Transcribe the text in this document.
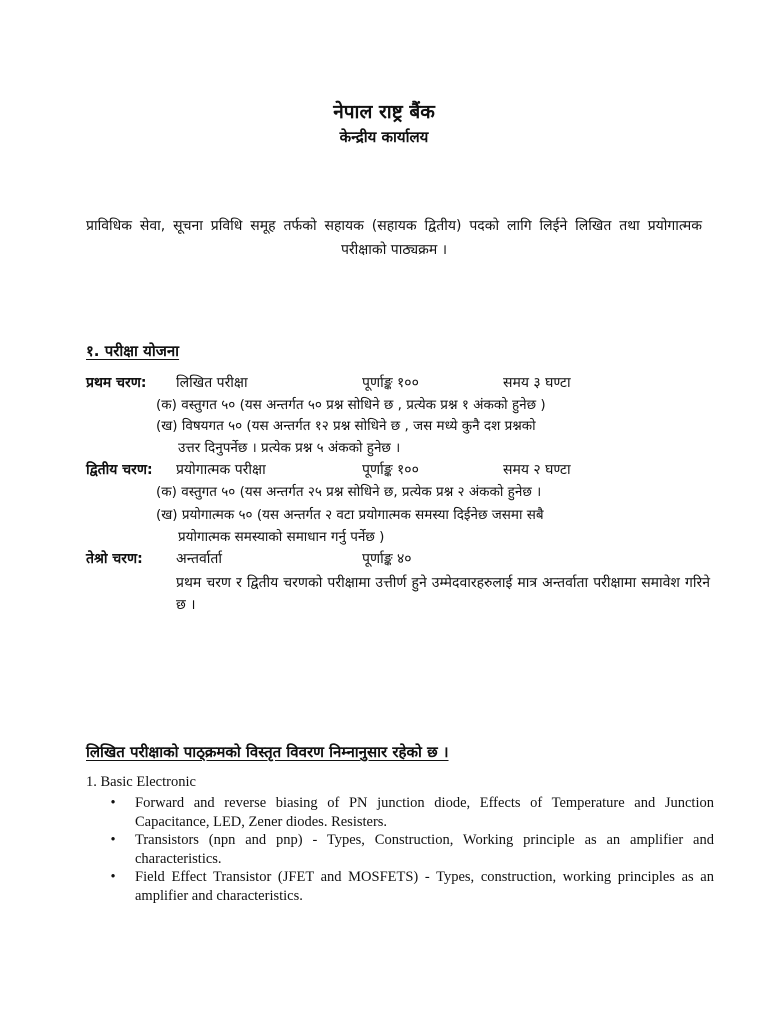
नेपाल राष्ट्र बैंक
केन्द्रीय कार्यालय
प्राविधिक सेवा, सूचना प्रविधि समूह तर्फको सहायक (सहायक द्वितीय) पदको लागि लिईने लिखित तथा प्रयोगात्मक परीक्षाको पाठ्यक्रम ।
१. परीक्षा योजना
प्रथम चरण: लिखित परीक्षा	पूर्णाङ्क १००	समय ३ घण्टा
(क) वस्तुगत ५० (यस अन्तर्गत ५० प्रश्न सोधिने छ , प्रत्येक प्रश्न १ अंकको हुनेछ )
(ख) विषयगत ५० (यस अन्तर्गत १२ प्रश्न सोधिने छ , जस मध्ये कुनै दश प्रश्नको
उत्तर दिनुपर्नेछ । प्रत्येक प्रश्न ५ अंकको हुनेछ ।
द्वितीय चरण: प्रयोगात्मक परीक्षा	पूर्णाङ्क १००	समय २ घण्टा
(क) वस्तुगत ५० (यस अन्तर्गत २५ प्रश्न सोधिने छ, प्रत्येक प्रश्न २ अंकको हुनेछ ।
(ख) प्रयोगात्मक ५० (यस अन्तर्गत २ वटा प्रयोगात्मक समस्या दिईनेछ जसमा सबै
प्रयोगात्मक समस्याको समाधान गर्नु पर्नेछ )
तेश्रो चरण: अन्तर्वार्ता	पूर्णाङ्क ४०
प्रथम चरण र द्वितीय चरणको परीक्षामा उत्तीर्ण हुने उम्मेदवारहरुलाई मात्र अन्तर्वाता परीक्षामा समावेश गरिने छ ।
लिखित परीक्षाको पाठ्क्रमको विस्तृत विवरण निम्नानुसार रहेको छ ।
1. Basic Electronic
• Forward and reverse biasing of PN junction diode, Effects of Temperature and Junction Capacitance, LED, Zener diodes. Resisters.
• Transistors (npn and pnp) - Types, Construction, Working principle as an amplifier and characteristics.
• Field Effect Transistor (JFET and MOSFETS) - Types, construction, working principles as an amplifier and characteristics.
